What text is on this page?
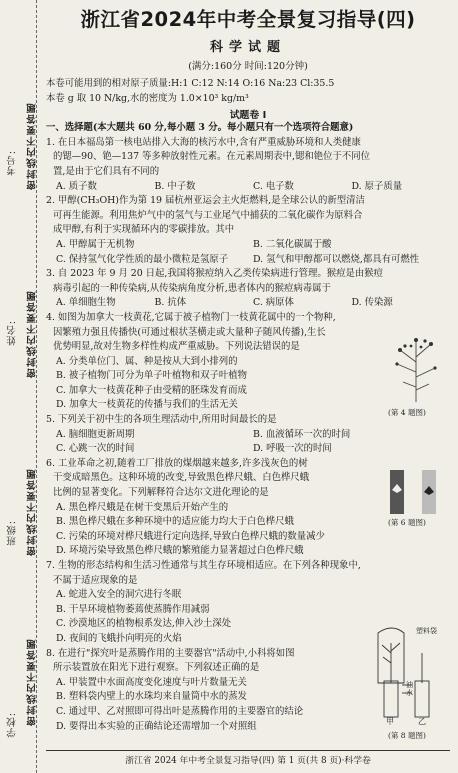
考号: 密封线内不要答题
姓名: 密封线内不要答题
班级: 密封线内不要答题
学校: 密封线内不要答题
浙江省2024年中考全景复习指导(四)
科学试题
(满分:160分 时间:120分钟)

本卷可能用到的相对原子质量:H:1 C:12 N:14 O:16 Na:23 Cl:35.5

本卷 g 取 10 N/kg,水的密度为 1.0×10³ kg/m³

试题卷 Ⅰ

一、选择题(本大题共 60 分,每小题 3 分。每小题只有一个选项符合题意)

1. 在日本福岛第一核电站排入大海的核污水中,含有严重威胁环境和人类健康

的锶—90、铯—137 等多种放射性元素。在元素周期表中,锶和铯位于不同位

置,是由于它们具有不同的

A. 质子数	B. 中子数	C. 电子数	D. 原子质量

2. 甲醇(CH₃OH)作为第 19 届杭州亚运会主火炬燃料,是全球公认的新型清洁

可再生能源。利用焦炉气中的氢气与工业尾气中捕获的二氧化碳作为原料合

成甲醇,有利于实现循环内的零碳排放。其中

A. 甲醇属于无机物	B. 二氧化碳属于酸
C. 保持氢气化学性质的最小微粒是氢原子	D. 氢气和甲醇都可以燃烧,都具有可燃性

3. 自 2023 年 9 月 20 日起,我国将猴痘纳入乙类传染病进行管理。猴痘是由猴痘

病毒引起的一种传染病,从传染病角度分析,患者体内的猴痘病毒属于

A. 单细胞生物	B. 抗体	C. 病原体	D. 传染源

4. 如图为加拿大一枝黄花,它属于被子植物门一枝黄花属中的一个物种,

因繁殖力强且传播快(可通过根状茎横走或大量种子随风传播),生长

优势明显,故对生物多样性构成严重威胁。下列说法错误的是

A. 分类单位门、属、种是按从大到小排列的

B. 被子植物门可分为单子叶植物和双子叶植物

C. 加拿大一枝黄花种子由受精的胚珠发育而成

D. 加拿大一枝黄花的传播与我们的生活无关

5. 下列关于初中生的各项生理活动中,所用时间最长的是

A. 脑细胞更新周期	B. 血液循环一次的时间
C. 心跳一次的时间	D. 呼吸一次的时间

6. 工业革命之初,随着工厂排放的煤烟越来越多,许多浅灰色的树

干变成暗黑色。这种环境的改变,导致黑色桦尺蛾、白色桦尺蛾

比例的显著变化。下列解释符合达尔文进化理论的是

A. 黑色桦尺蛾是在树干变黑后开始产生的

B. 黑色桦尺蛾在多种环境中的适应能力均大于白色桦尺蛾

C. 污染的环境对桦尺蛾进行定向选择,导致白色桦尺蛾的数量减少

D. 环境污染导致黑色桦尺蛾的繁殖能力显著超过白色桦尺蛾

7. 生物的形态结构和生活习性通常与其生存环境相适应。在下列各种现象中,

不属于适应现象的是

A. 蛇进入安全的洞穴进行冬眠

B. 干旱环境植物萎蔫使蒸腾作用减弱

C. 沙漠地区的植物根系发达,伸入沙土深处

D. 夜间的飞蛾扑向明亮的火焰

8. 在进行"探究叶是蒸腾作用的主要器官"活动中,小科将如图

所示装置放在阳光下进行观察。下列叙述正确的是

A. 甲装置中水面高度变化速度与叶片数量无关

B. 塑料袋内壁上的水珠均来自量筒中水的蒸发

C. 通过甲、乙对照即可得出叶是蒸腾作用的主要器官的结论

D. 要得出本实验的正确结论还需增加一个对照组

(第 4 题图)
(第 6 题图)
塑料袋
油
水
甲	乙
(第 8 题图)
浙江省 2024 年中考全景复习指导(四) 第 1 页(共 8 页)·科学卷
